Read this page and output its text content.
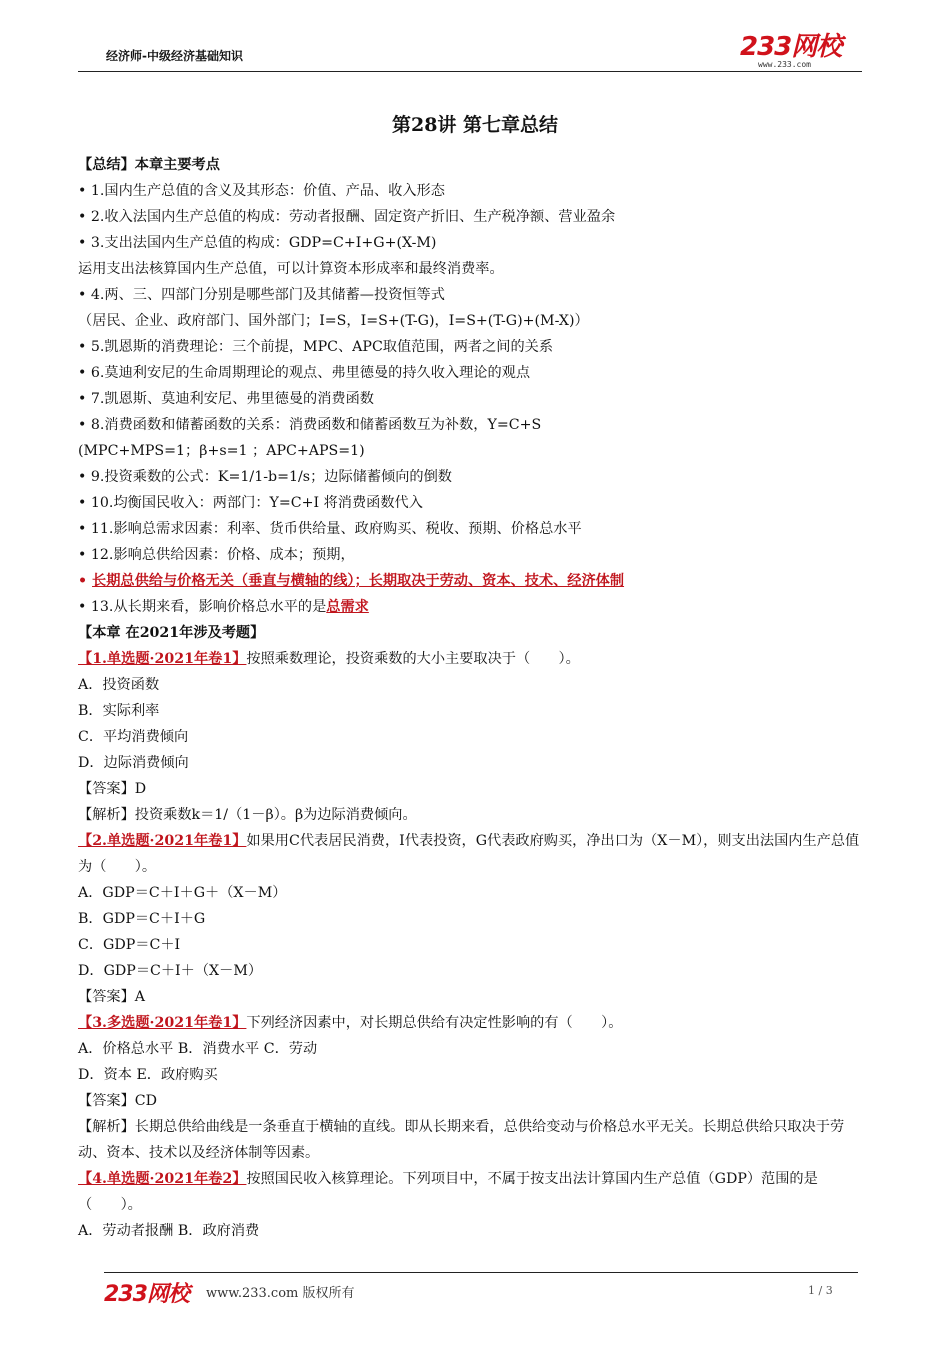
经济师-中级经济基础知识	233网校
www.233.com
第28讲 第七章总结
【总结】本章主要考点
• 1.国内生产总值的含义及其形态：价值、产品、收入形态
• 2.收入法国内生产总值的构成：劳动者报酬、固定资产折旧、生产税净额、营业盈余
• 3.支出法国内生产总值的构成：GDP=C+I+G+(X-M)
运用支出法核算国内生产总值，可以计算资本形成率和最终消费率。
• 4.两、三、四部门分别是哪些部门及其储蓄—投资恒等式
（居民、企业、政府部门、国外部门；I=S，I=S+(T-G)，I=S+(T-G)+(M-X)）
• 5.凯恩斯的消费理论：三个前提，MPC、APC取值范围，两者之间的关系
• 6.莫迪利安尼的生命周期理论的观点、弗里德曼的持久收入理论的观点
• 7.凯恩斯、莫迪利安尼、弗里德曼的消费函数
• 8.消费函数和储蓄函数的关系：消费函数和储蓄函数互为补数，Y=C+S
(MPC+MPS=1；β+s=1 ；APC+APS=1)
• 9.投资乘数的公式：K=1/1-b=1/s；边际储蓄倾向的倒数
• 10.均衡国民收入：两部门：Y=C+I 将消费函数代入
• 11.影响总需求因素：利率、货币供给量、政府购买、税收、预期、价格总水平
• 12.影响总供给因素：价格、成本；预期，
• 长期总供给与价格无关（垂直与横轴的线）；长期取决于劳动、资本、技术、经济体制
• 13.从长期来看，影响价格总水平的是总需求
【本章 在2021年涉及考题】
【1.单选题·2021年卷1】按照乘数理论，投资乘数的大小主要取决于（　　）。
A．投资函数
B．实际利率
C．平均消费倾向
D．边际消费倾向
【答案】D
【解析】投资乘数k＝1/（1－β）。β为边际消费倾向。
【2.单选题·2021年卷1】如果用C代表居民消费，I代表投资，G代表政府购买，净出口为（X－M），则支出法国内生产总值为（　　）。
A．GDP＝C＋I＋G＋（X－M）
B．GDP＝C＋I＋G
C．GDP＝C＋I
D．GDP＝C＋I＋（X－M）
【答案】A
【3.多选题·2021年卷1】下列经济因素中，对长期总供给有决定性影响的有（　　）。
A．价格总水平 B．消费水平 C．劳动
D．资本 E．政府购买
【答案】CD
【解析】长期总供给曲线是一条垂直于横轴的直线。即从长期来看，总供给变动与价格总水平无关。长期总供给只取决于劳动、资本、技术以及经济体制等因素。
【4.单选题·2021年卷2】按照国民收入核算理论。下列项目中，不属于按支出法计算国内生产总值（GDP）范围的是（　　）。
A．劳动者报酬 B．政府消费
233网校 www.233.com 版权所有	1 / 3
